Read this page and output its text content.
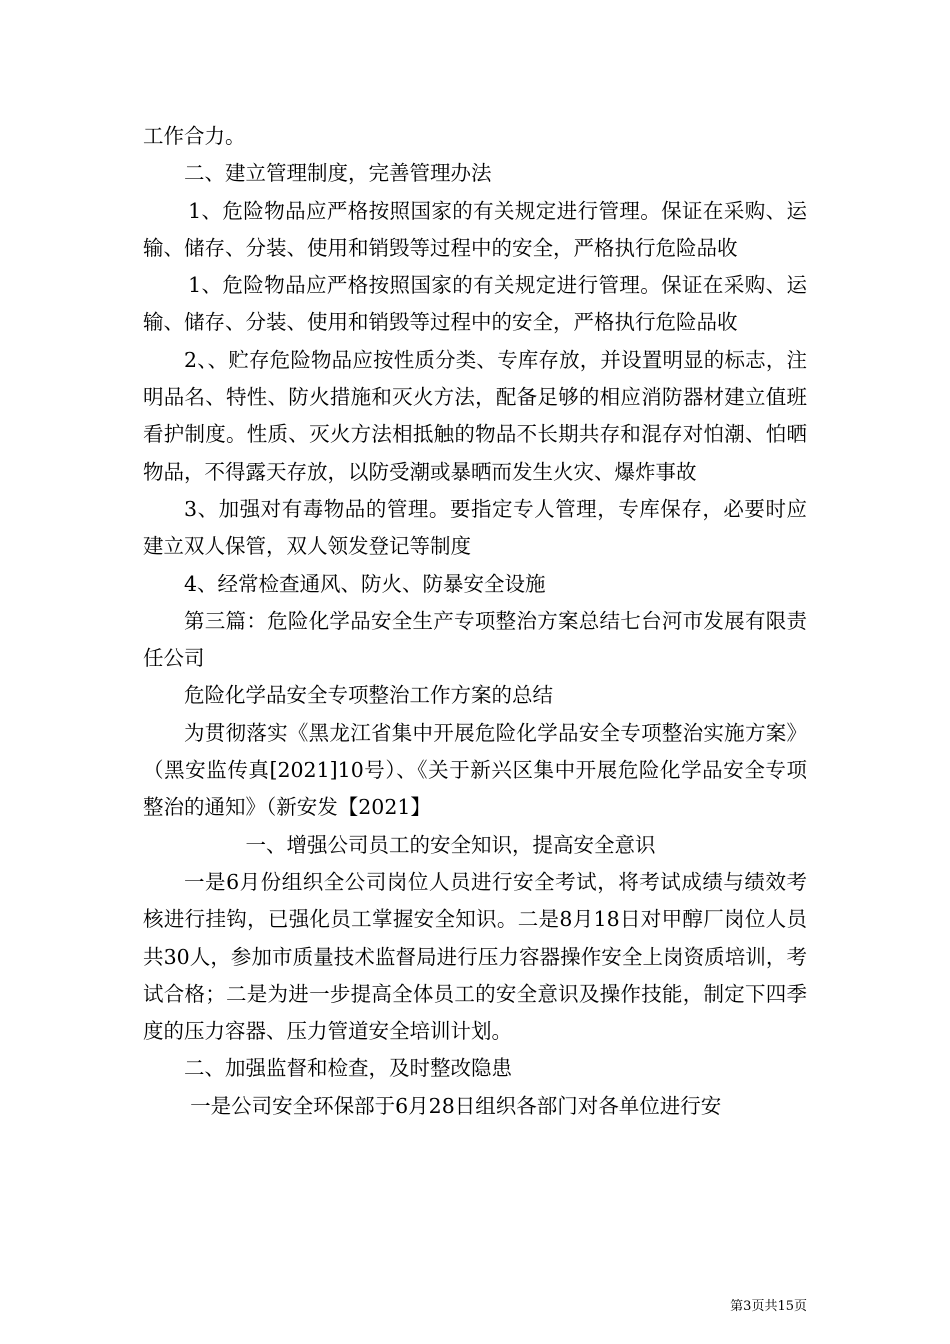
工作合力。

二、建立管理制度，完善管理办法

1、危险物品应严格按照国家的有关规定进行管理。保证在采购、运输、储存、分装、使用和销毁等过程中的安全，严格执行危险品收

1、危险物品应严格按照国家的有关规定进行管理。保证在采购、运输、储存、分装、使用和销毁等过程中的安全，严格执行危险品收

2、、贮存危险物品应按性质分类、专库存放，并设置明显的标志，注明品名、特性、防火措施和灭火方法，配备足够的相应消防器材建立值班看护制度。性质、灭火方法相抵触的物品不长期共存和混存对怕潮、怕晒物品，不得露天存放，以防受潮或暴晒而发生火灾、爆炸事故

3、加强对有毒物品的管理。要指定专人管理，专库保存，必要时应建立双人保管，双人领发登记等制度

4、经常检查通风、防火、防暴安全设施

第三篇：危险化学品安全生产专项整治方案总结七台河市发展有限责任公司

危险化学品安全专项整治工作方案的总结

为贯彻落实《黑龙江省集中开展危险化学品安全专项整治实施方案》（黑安监传真[2021]10号）、《关于新兴区集中开展危险化学品安全专项整治的通知》（新安发【2021】

一、增强公司员工的安全知识，提高安全意识

一是6月份组织全公司岗位人员进行安全考试，将考试成绩与绩效考核进行挂钩，已强化员工掌握安全知识。二是8月18日对甲醇厂岗位人员共30人，参加市质量技术监督局进行压力容器操作安全上岗资质培训，考试合格；二是为进一步提高全体员工的安全意识及操作技能，制定下四季度的压力容器、压力管道安全培训计划。

二、加强监督和检查，及时整改隐患

一是公司安全环保部于6月28日组织各部门对各单位进行安

第3页共15页
